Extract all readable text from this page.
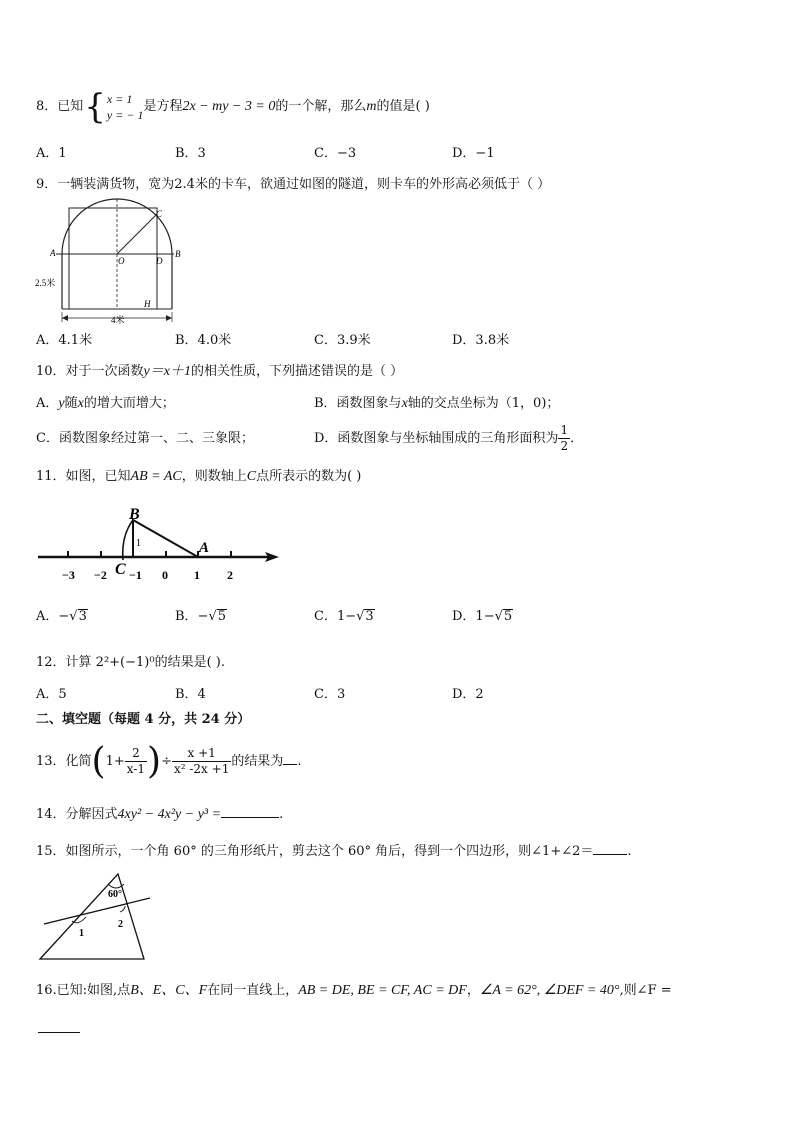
8．已知{ x = 1
y = − 1
是方程2x − my − 3 = 0的一个解，那么m的值是( )
A．1	B．3	C．−3	D．−1
9．一辆装满货物，宽为2.4米的卡车，欲通过如图的隧道，则卡车的外形高必须低于（ ）
A	B
C
O	D
H
2.5米
4米
A．4.1米	B．4.0米	C．3.9米	D．3.8米
10．对于一次函数y＝x＋1的相关性质，下列描述错误的是（ ）
A．y随x的增大而增大；	B．函数图象与x轴的交点坐标为（1，0)；
C．函数图象经过第一、二、三象限；	D．函数图象与坐标轴围成的三角形面积为 $\frac{1}{2}$ ．
11．如图，已知AB = AC，则数轴上C点所表示的数为( )
B
A
C
1
−3 −2 −1 0 1 2
A．−√3	B．−√5	C．1−√3	D．1−√5
12．计算 2²+(−1)⁰的结果是( ).
A．5	B．4	C．3	D．2
二、填空题（每题 4 分，共 24 分）
13．化简($1+ \frac{2}{x-1}$ )÷ $\frac{x +1}{\text{x² -2x +1}}$ 的结果为 .
14．分解因式4xy² − 4x²y − y³ =	.
15．如图所示，一个角 60° 的三角形纸片，剪去这个 60° 角后，得到一个四边形，则∠1+∠2＝	.
60°
1
2
16.已知:如图,点B、E、C、F在同一直线上，AB = DE, BE = CF, AC = DF，∠A = 62°, ∠DEF = 40°,则∠F =
